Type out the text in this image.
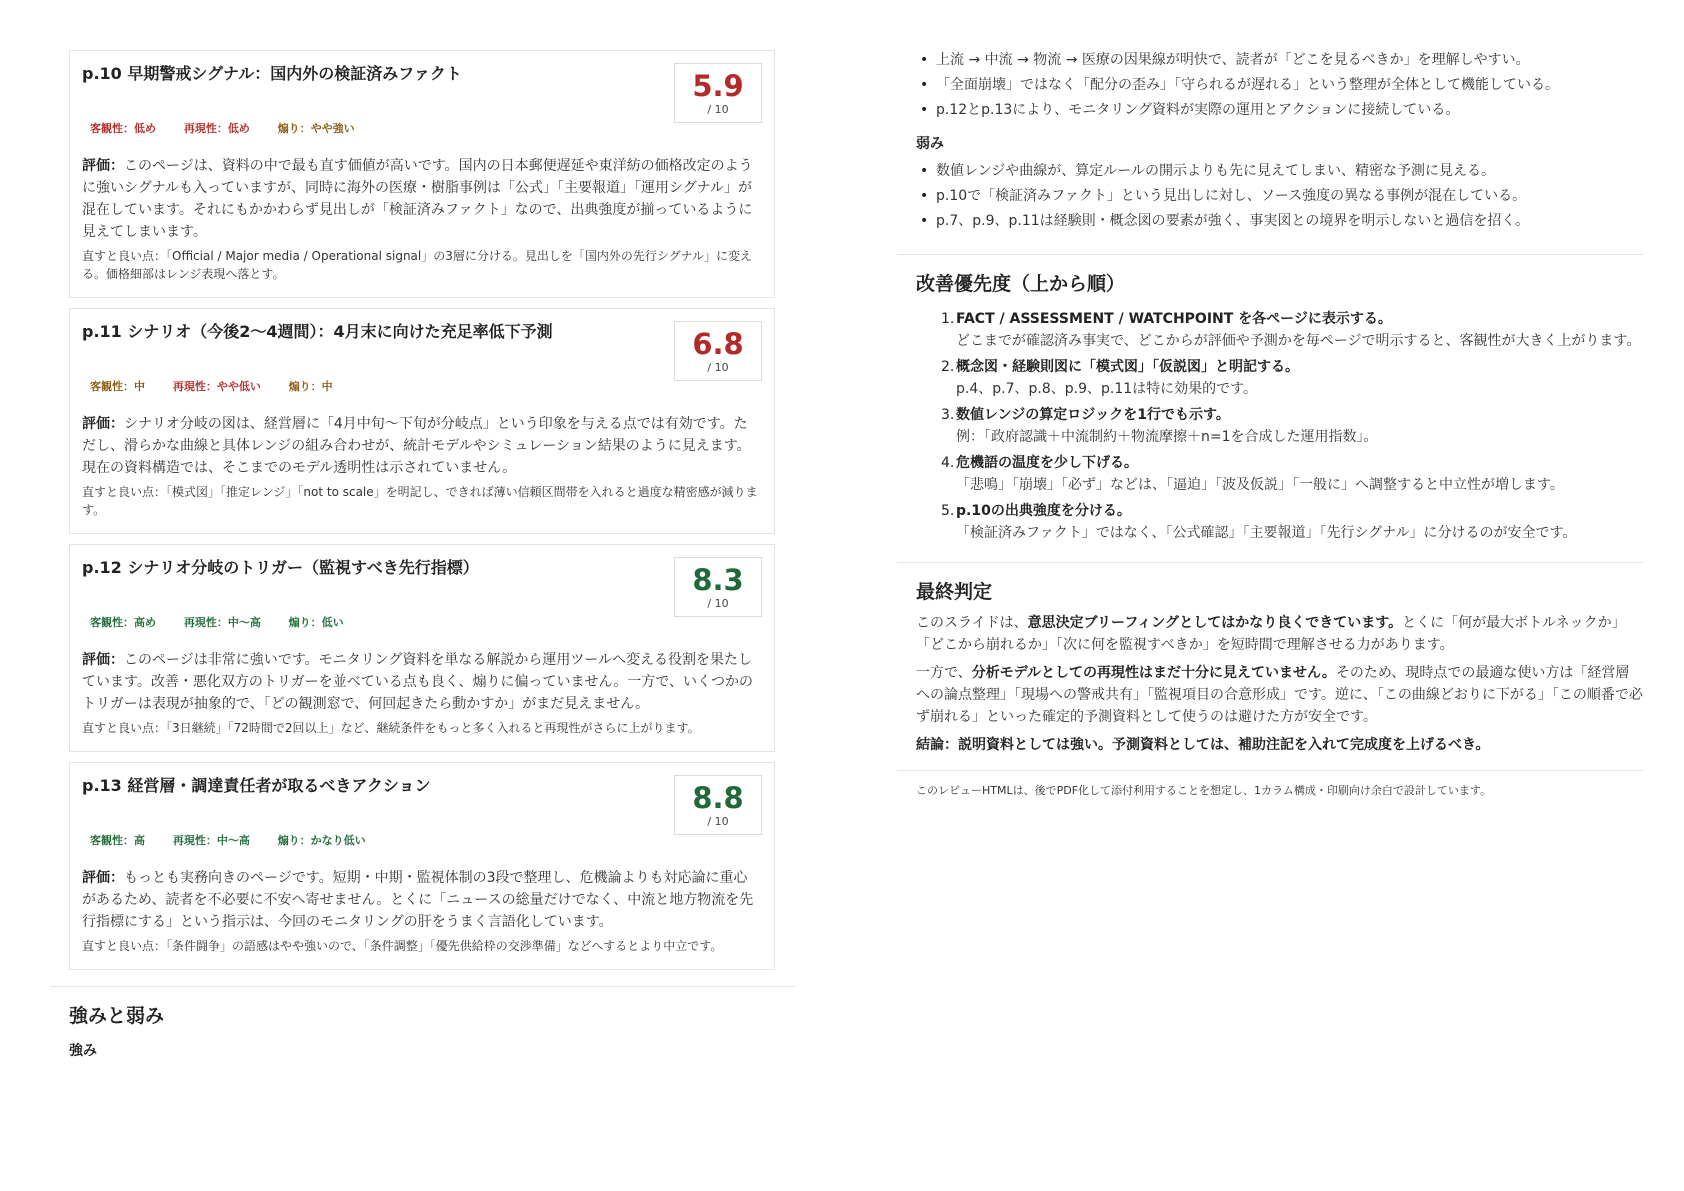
p.10 早期警戒シグナル：国内外の検証済みファクト	5.9
/ 10
客観性：低め	再現性：低め	煽り：やや強い
評価：このページは、資料の中で最も直す価値が高いです。国内の日本郵便遅延や東洋紡の価格改定のように強いシグナルも入っていますが、同時に海外の医療・樹脂事例は「公式」「主要報道」「運用シグナル」が混在しています。それにもかかわらず見出しが「検証済みファクト」なので、出典強度が揃っているように見えてしまいます。
直すと良い点：「Official / Major media / Operational signal」の3層に分ける。見出しを「国内外の先行シグナル」に変える。価格細部はレンジ表現へ落とす。
p.11 シナリオ（今後2〜4週間）：4月末に向けた充足率低下予測	6.8
/ 10
客観性：中	再現性：やや低い	煽り：中
評価：シナリオ分岐の図は、経営層に「4月中旬〜下旬が分岐点」という印象を与える点では有効です。ただし、滑らかな曲線と具体レンジの組み合わせが、統計モデルやシミュレーション結果のように見えます。現在の資料構造では、そこまでのモデル透明性は示されていません。
直すと良い点：「模式図」「推定レンジ」「not to scale」を明記し、できれば薄い信頼区間帯を入れると過度な精密感が減ります。
p.12 シナリオ分岐のトリガー（監視すべき先行指標）	8.3
/ 10
客観性：高め	再現性：中〜高	煽り：低い
評価：このページは非常に強いです。モニタリング資料を単なる解説から運用ツールへ変える役割を果たしています。改善・悪化双方のトリガーを並べている点も良く、煽りに偏っていません。一方で、いくつかのトリガーは表現が抽象的で、「どの観測窓で、何回起きたら動かすか」がまだ見えません。
直すと良い点：「3日継続」「72時間で2回以上」など、継続条件をもっと多く入れると再現性がさらに上がります。
p.13 経営層・調達責任者が取るべきアクション	8.8
/ 10
客観性：高	再現性：中〜高	煽り：かなり低い
評価：もっとも実務向きのページです。短期・中期・監視体制の3段で整理し、危機論よりも対応論に重心があるため、読者を不必要に不安へ寄せません。とくに「ニュースの総量だけでなく、中流と地方物流を先行指標にする」という指示は、今回のモニタリングの肝をうまく言語化しています。
直すと良い点：「条件闘争」の語感はやや強いので、「条件調整」「優先供給枠の交渉準備」などへするとより中立です。
強みと弱み
強み
• 上流 → 中流 → 物流 → 医療の因果線が明快で、読者が「どこを見るべきか」を理解しやすい。
• 「全面崩壊」ではなく「配分の歪み」「守られるが遅れる」という整理が全体として機能している。
• p.12とp.13により、モニタリング資料が実際の運用とアクションに接続している。
弱み
• 数値レンジや曲線が、算定ルールの開示よりも先に見えてしまい、精密な予測に見える。
• p.10で「検証済みファクト」という見出しに対し、ソース強度の異なる事例が混在している。
• p.7、p.9、p.11は経験則・概念図の要素が強く、事実図との境界を明示しないと過信を招く。
改善優先度（上から順）
1. FACT / ASSESSMENT / WATCHPOINT を各ページに表示する。
どこまでが確認済み事実で、どこからが評価や予測かを毎ページで明示すると、客観性が大きく上がります。
2. 概念図・経験則図に「模式図」「仮説図」と明記する。
p.4、p.7、p.8、p.9、p.11は特に効果的です。
3. 数値レンジの算定ロジックを1行でも示す。
例：「政府認識＋中流制約＋物流摩擦＋n=1を合成した運用指数」。
4. 危機語の温度を少し下げる。
「悲鳴」「崩壊」「必ず」などは、「逼迫」「波及仮説」「一般に」へ調整すると中立性が増します。
5. p.10の出典強度を分ける。
「検証済みファクト」ではなく、「公式確認」「主要報道」「先行シグナル」に分けるのが安全です。
最終判定

このスライドは、意思決定ブリーフィングとしてはかなり良くできています。とくに「何が最大ボトルネックか」「どこから崩れるか」「次に何を監視すべきか」を短時間で理解させる力があります。

一方で、分析モデルとしての再現性はまだ十分に見えていません。そのため、現時点での最適な使い方は「経営層への論点整理」「現場への警戒共有」「監視項目の合意形成」です。逆に、「この曲線どおりに下がる」「この順番で必ず崩れる」といった確定的予測資料として使うのは避けた方が安全です。

結論：説明資料としては強い。予測資料としては、補助注記を入れて完成度を上げるべき。

このレビューHTMLは、後でPDF化して添付利用することを想定し、1カラム構成・印刷向け余白で設計しています。
